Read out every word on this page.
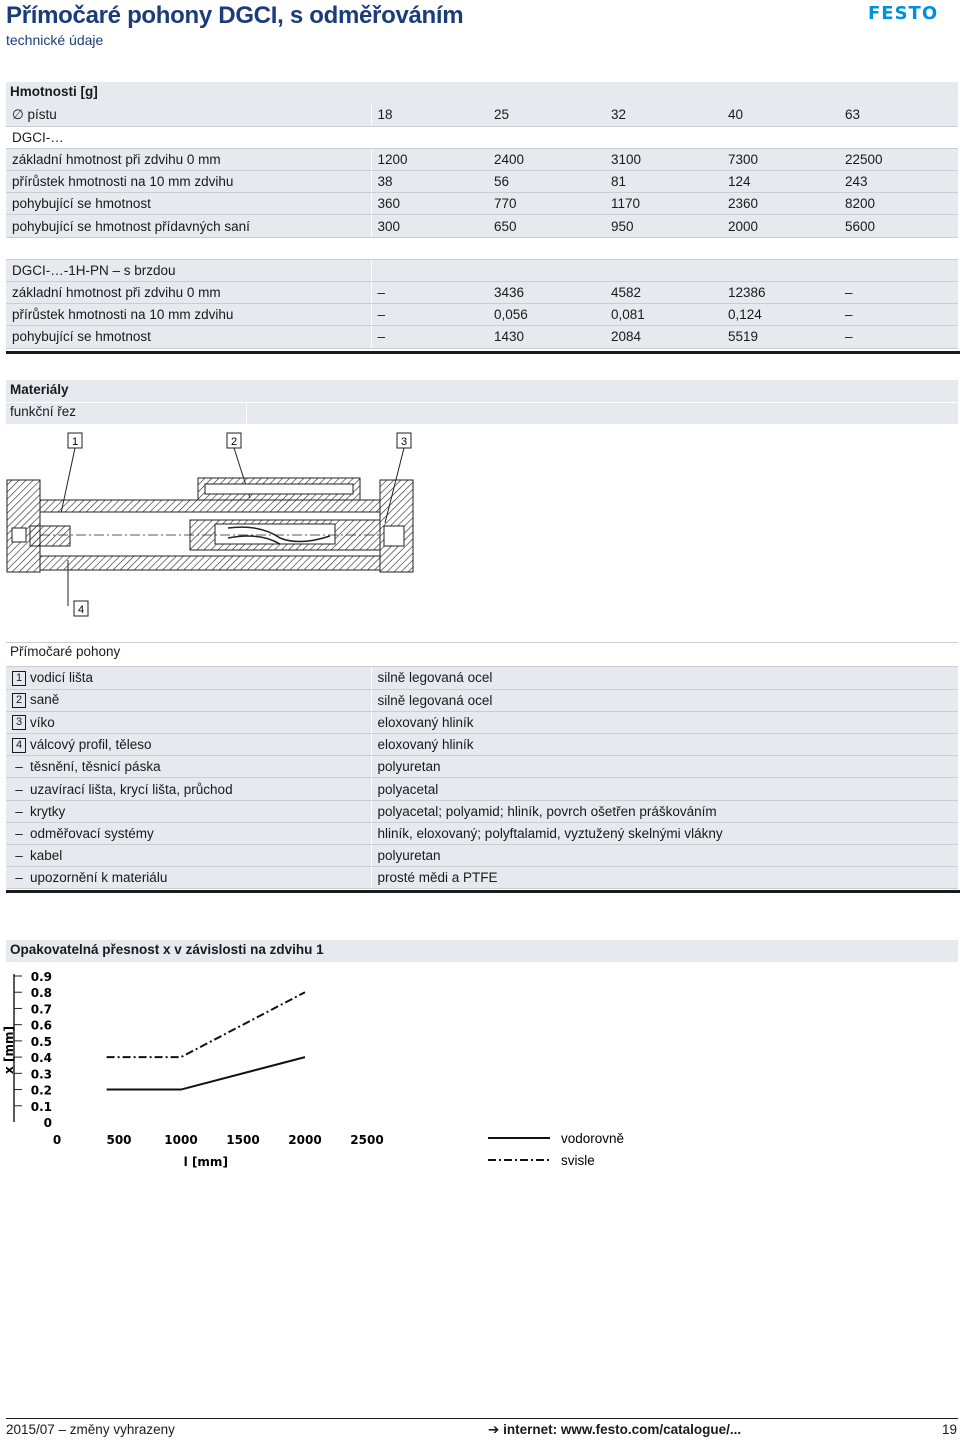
Přímočaré pohony DGCI, s odměřováním
technické údaje
FESTO
Hmotnosti [g]
∅ pístu	18	25	32	40	63
DGCI-…					
základní hmotnost při zdvihu 0 mm	1200	2400	3100	7300	22500
přírůstek hmotnosti na 10 mm zdvihu	38	56	81	124	243
pohybující se hmotnost	360	770	1170	2360	8200
pohybující se hmotnost přídavných saní	300	650	950	2000	5600

DGCI-…-1H-PN – s brzdou					
základní hmotnost při zdvihu 0 mm	–	3436	4582	12386	–
přírůstek hmotnosti na 10 mm zdvihu	–	0,056	0,081	0,124	–
pohybující se hmotnost	–	1430	2084	5519	–
Materiály
funkční řez
1	2	3
4
Přímočaré pohony
1 vodicí lišta	silně legovaná ocel
2 saně	silně legovaná ocel
3 víko	eloxovaný hliník
4 válcový profil, těleso	eloxovaný hliník
– těsnění, těsnicí páska	polyuretan
– uzavírací lišta, krycí lišta, průchod	polyacetal
– krytky	polyacetal; polyamid; hliník, povrch ošetřen práškováním
– odměřovací systémy	hliník, eloxovaný; polyftalamid, vyztužený skelnými vlákny
– kabel	polyuretan
– upozornění k materiálu	prosté mědi a PTFE
Opakovatelná přesnost x v závislosti na zdvihu 1
0
0.1
0.2
0.3
0.4
0.5
0.6
0.7
0.8
0.9
0	500	1000 1500 2000 2500
l [mm]
x [mm]
vodorovně
svisle
2015/07 – změny vyhrazeny	➔ internet: www.festo.com/catalogue/...	19
